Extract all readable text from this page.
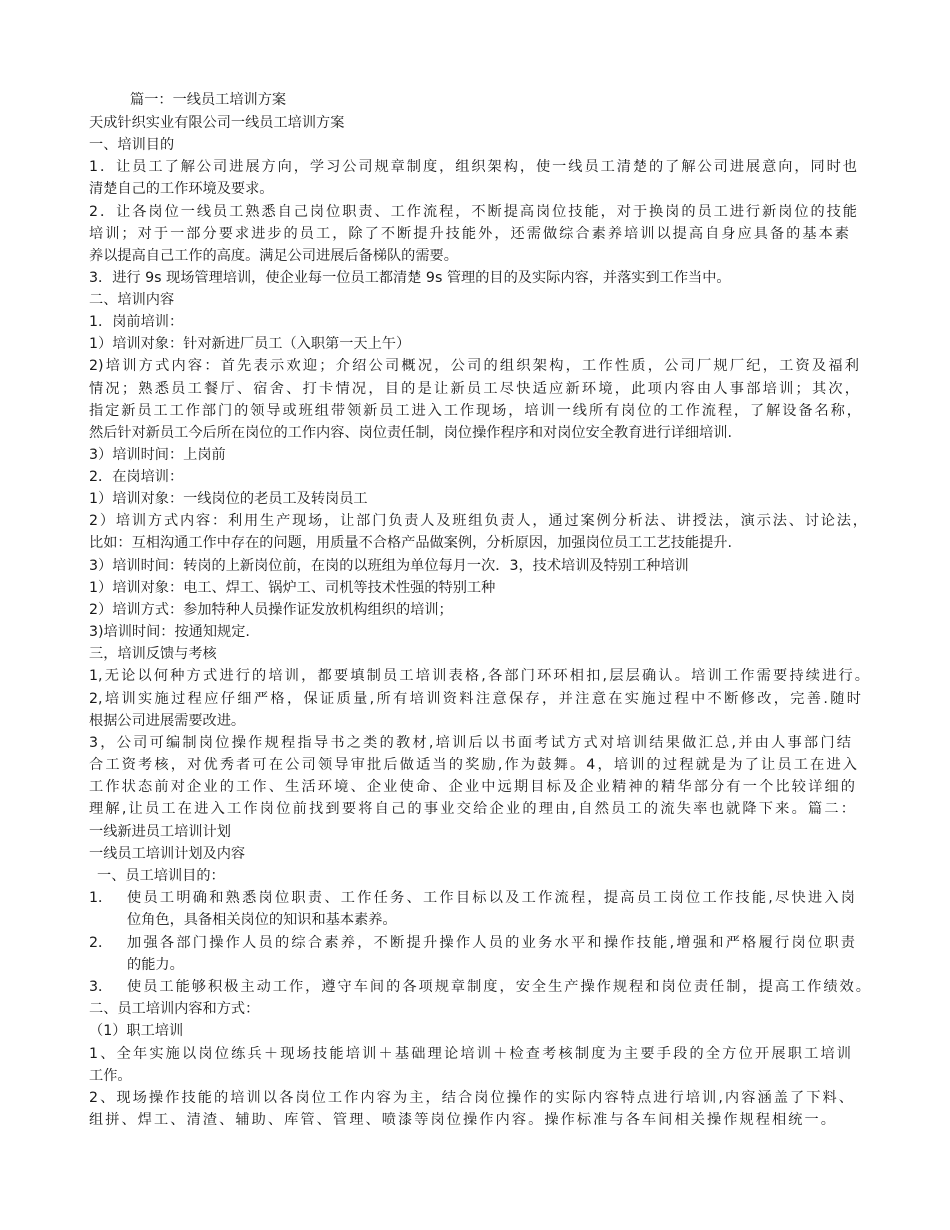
篇一：一线员工培训方案
天成针织实业有限公司一线员工培训方案
一、培训目的
1．让员工了解公司进展方向，学习公司规章制度，组织架构，使一线员工清楚的了解公司进展意向，同时也
清楚自己的工作环境及要求。
2．让各岗位一线员工熟悉自己岗位职责、工作流程，不断提高岗位技能，对于换岗的员工进行新岗位的技能
培训；对于一部分要求进步的员工，除了不断提升技能外，还需做综合素养培训以提高自身应具备的基本素
养以提高自己工作的高度。满足公司进展后备梯队的需要。
3．进行 9s 现场管理培训，使企业每一位员工都清楚 9s 管理的目的及实际内容，并落实到工作当中。
二、培训内容
1．岗前培训：
1）培训对象：针对新进厂员工（入职第一天上午）
2)培训方式内容：首先表示欢迎；介绍公司概况，公司的组织架构，工作性质，公司厂规厂纪，工资及福利
情况；熟悉员工餐厅、宿舍、打卡情况，目的是让新员工尽快适应新环境，此项内容由人事部培训；其次，
指定新员工工作部门的领导或班组带领新员工进入工作现场，培训一线所有岗位的工作流程，了解设备名称，
然后针对新员工今后所在岗位的工作内容、岗位责任制，岗位操作程序和对岗位安全教育进行详细培训.
3）培训时间：上岗前
2．在岗培训：
1）培训对象：一线岗位的老员工及转岗员工
2）培训方式内容：利用生产现场，让部门负责人及班组负责人，通过案例分析法、讲授法，演示法、讨论法，
比如：互相沟通工作中存在的问题，用质量不合格产品做案例，分析原因，加强岗位员工工艺技能提升.
3）培训时间：转岗的上新岗位前，在岗的以班组为单位每月一次．3，技术培训及特别工种培训
1）培训对象：电工、焊工、锅炉工、司机等技术性强的特别工种
2）培训方式：参加特种人员操作证发放机构组织的培训；
3)培训时间：按通知规定.
三，培训反馈与考核
1,无论以何种方式进行的培训，都要填制员工培训表格,各部门环环相扣,层层确认。培训工作需要持续进行。
2,培训实施过程应仔细严格，保证质量,所有培训资料注意保存，并注意在实施过程中不断修改，完善.随时
根据公司进展需要改进。
3，公司可编制岗位操作规程指导书之类的教材,培训后以书面考试方式对培训结果做汇总,并由人事部门结
合工资考核，对优秀者可在公司领导审批后做适当的奖励,作为鼓舞。4，培训的过程就是为了让员工在进入
工作状态前对企业的工作、生活环境、企业使命、企业中远期目标及企业精神的精华部分有一个比较详细的
理解,让员工在进入工作岗位前找到要将自己的事业交给企业的理由,自然员工的流失率也就降下来。篇二：
一线新进员工培训计划
一线员工培训计划及内容
一、员工培训目的：
1．	使员工明确和熟悉岗位职责、工作任务、工作目标以及工作流程，提高员工岗位工作技能,尽快进入岗
位角色，具备相关岗位的知识和基本素养。
2．	加强各部门操作人员的综合素养，不断提升操作人员的业务水平和操作技能,增强和严格履行岗位职责
的能力。
3．	使员工能够积极主动工作，遵守车间的各项规章制度，安全生产操作规程和岗位责任制，提高工作绩效。
二、员工培训内容和方式：
（1）职工培训
1、全年实施以岗位练兵＋现场技能培训＋基础理论培训＋检查考核制度为主要手段的全方位开展职工培训
工作。
2、现场操作技能的培训以各岗位工作内容为主，结合岗位操作的实际内容特点进行培训,内容涵盖了下料、
组拼、焊工、清渣、辅助、库管、管理、喷漆等岗位操作内容。操作标准与各车间相关操作规程相统一。
